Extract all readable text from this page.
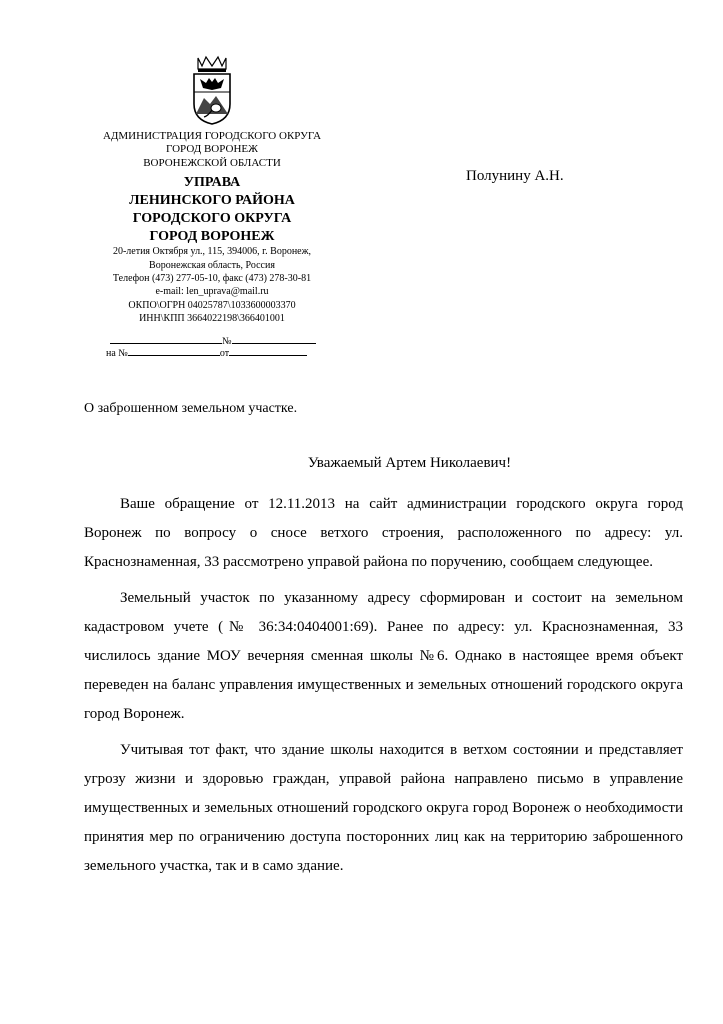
АДМИНИСТРАЦИЯ ГОРОДСКОГО ОКРУГА
ГОРОД ВОРОНЕЖ
ВОРОНЕЖСКОЙ ОБЛАСТИ
УПРАВА
ЛЕНИНСКОГО РАЙОНА
ГОРОДСКОГО ОКРУГА
ГОРОД ВОРОНЕЖ
20-летия Октября ул., 115, 394006, г. Воронеж,
Воронежская область, Россия
Телефон (473) 277-05-10, факс (473) 278-30-81
e-mail: len_uprava@mail.ru
ОКПО\ОГРН 04025787\1033600003370
ИНН\КПП 3664022198\366401001
№
на №	от
Полунину А.Н.
О заброшенном земельном участке.
Уважаемый Артем Николаевич!

Ваше обращение от 12.11.2013 на сайт администрации городского округа город Воронеж по вопросу о сносе ветхого строения, расположенного по адресу: ул. Краснознаменная, 33 рассмотрено управой района по поручению, сообщаем следующее.

Земельный участок по указанному адресу сформирован и состоит на земельном кадастровом учете (№ 36:34:0404001:69). Ранее по адресу: ул. Краснознаменная, 33 числилось здание МОУ вечерняя сменная школы №6. Однако в настоящее время объект переведен на баланс управления имущественных и земельных отношений городского округа город Воронеж.

Учитывая тот факт, что здание школы находится в ветхом состоянии и представляет угрозу жизни и здоровью граждан, управой района направлено письмо в управление имущественных и земельных отношений городского округа город Воронеж о необходимости принятия мер по ограничению доступа посторонних лиц как на территорию заброшенного земельного участка, так и в само здание.
